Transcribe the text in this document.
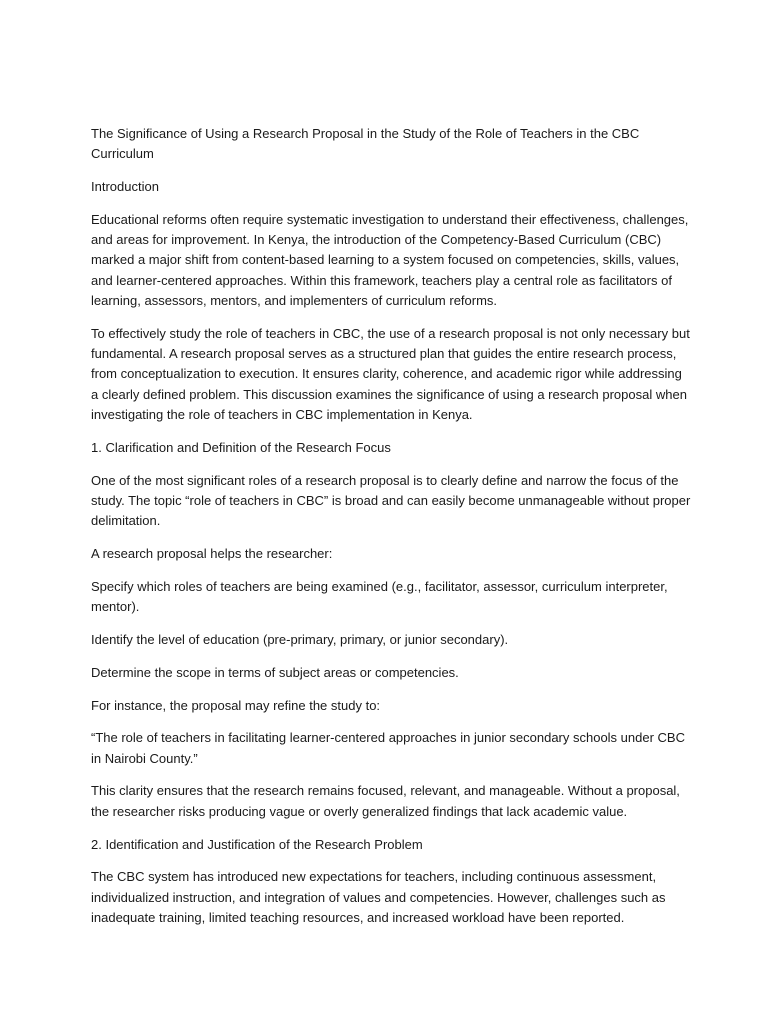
The Significance of Using a Research Proposal in the Study of the Role of Teachers in the CBC Curriculum

Introduction

Educational reforms often require systematic investigation to understand their effectiveness, challenges, and areas for improvement. In Kenya, the introduction of the Competency-Based Curriculum (CBC) marked a major shift from content-based learning to a system focused on competencies, skills, values, and learner-centered approaches. Within this framework, teachers play a central role as facilitators of learning, assessors, mentors, and implementers of curriculum reforms.

To effectively study the role of teachers in CBC, the use of a research proposal is not only necessary but fundamental. A research proposal serves as a structured plan that guides the entire research process, from conceptualization to execution. It ensures clarity, coherence, and academic rigor while addressing a clearly defined problem. This discussion examines the significance of using a research proposal when investigating the role of teachers in CBC implementation in Kenya.

1. Clarification and Definition of the Research Focus

One of the most significant roles of a research proposal is to clearly define and narrow the focus of the study. The topic “role of teachers in CBC” is broad and can easily become unmanageable without proper delimitation.

A research proposal helps the researcher:

Specify which roles of teachers are being examined (e.g., facilitator, assessor, curriculum interpreter, mentor).

Identify the level of education (pre-primary, primary, or junior secondary).

Determine the scope in terms of subject areas or competencies.

For instance, the proposal may refine the study to:

“The role of teachers in facilitating learner-centered approaches in junior secondary schools under CBC in Nairobi County.”

This clarity ensures that the research remains focused, relevant, and manageable. Without a proposal, the researcher risks producing vague or overly generalized findings that lack academic value.

2. Identification and Justification of the Research Problem

The CBC system has introduced new expectations for teachers, including continuous assessment, individualized instruction, and integration of values and competencies. However, challenges such as inadequate training, limited teaching resources, and increased workload have been reported.
